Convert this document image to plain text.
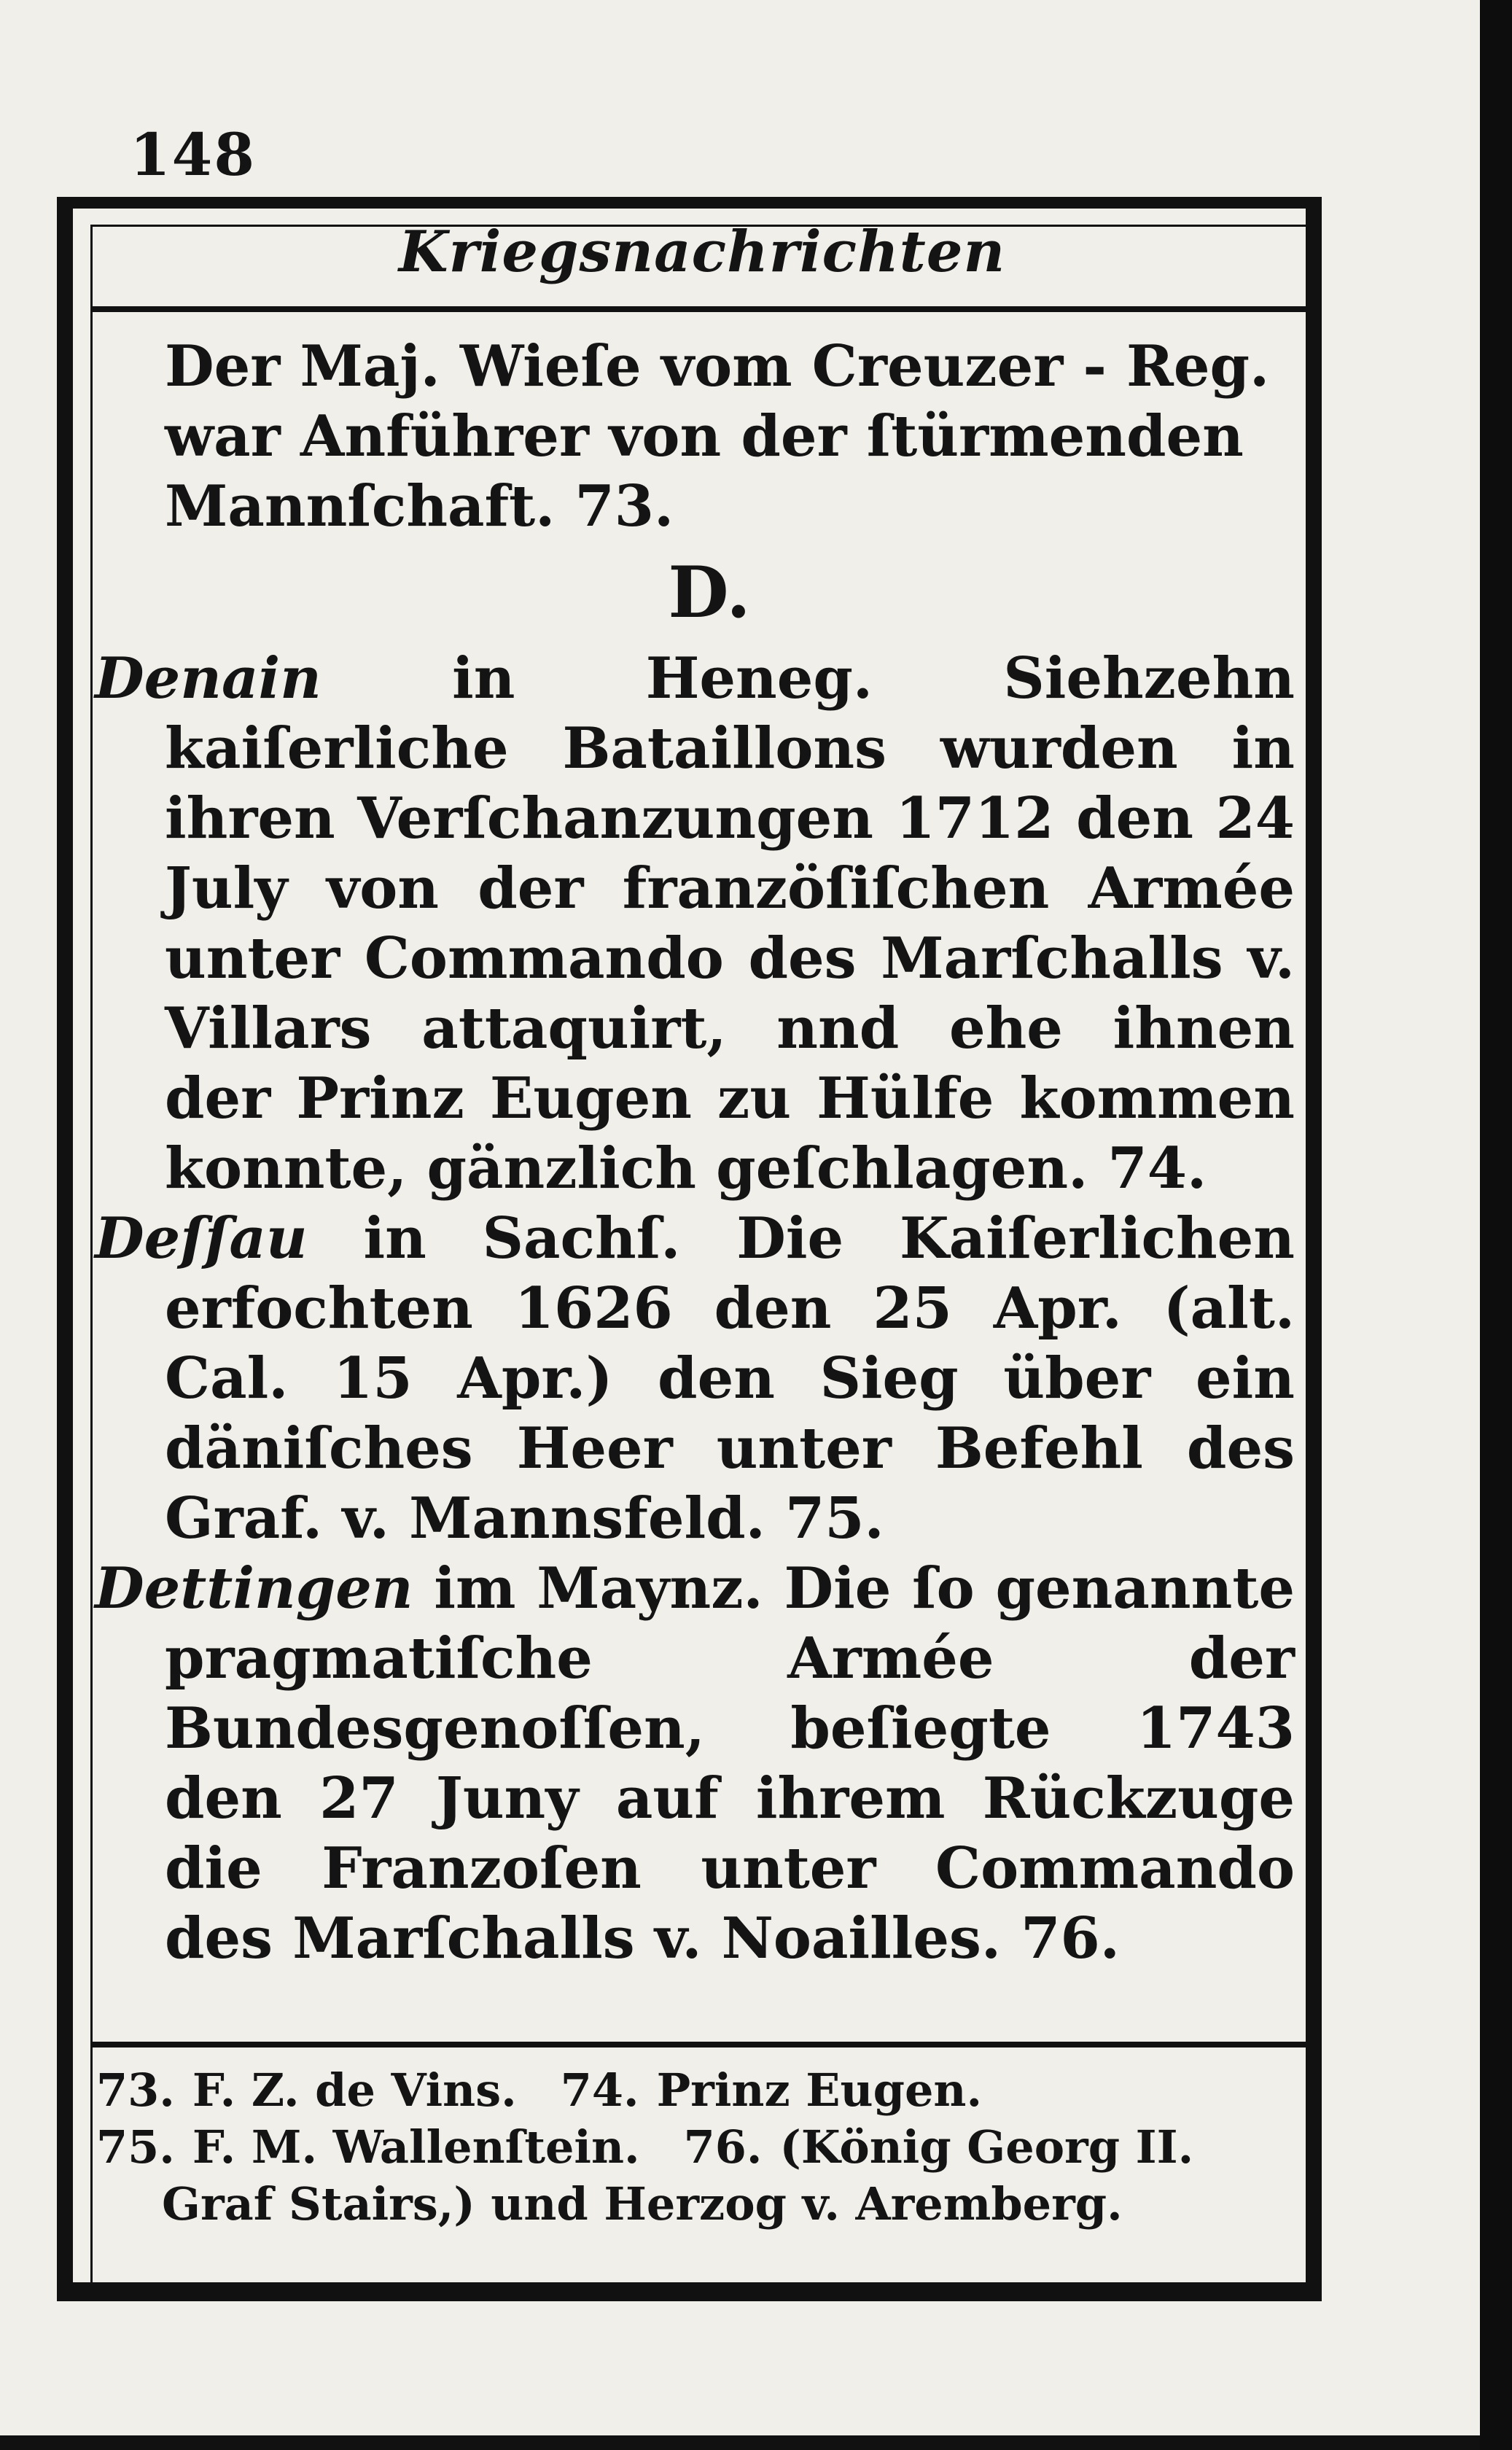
148
Kriegsnachrichten

Der Maj. Wieſe vom Creuzer - Reg.

war Anführer von der ſtürmenden

Mannſchaft. 73.

D.

Denain in Heneg. Siehzehn kaiſerliche Bataillons wurden in ihren Verſchanzungen 1712 den 24 July von der franzöſiſchen Armée unter Commando des Marſchalls v. Villars attaquirt, nnd ehe ihnen der Prinz Eugen zu Hülfe kommen konnte, gänzlich geſchlagen. 74.

Deſſau in Sachſ. Die Kaiſerlichen erfochten 1626 den 25 Apr. (alt. Cal. 15 Apr.) den Sieg über ein däniſches Heer unter Befehl des Graf. v. Mannsfeld. 75.

Dettingen im Maynz. Die ſo genannte pragmatiſche Armée der Bundesgenoſſen, beſiegte 1743 den 27 Juny auf ihrem Rückzuge die Franzoſen unter Commando des Marſchalls v. Noailles. 76.

73. F. Z. de Vins. 74. Prinz Eugen.

75. F. M. Wallenſtein. 76. (König Georg II.

Graf Stairs,) und Herzog v. Aremberg.
